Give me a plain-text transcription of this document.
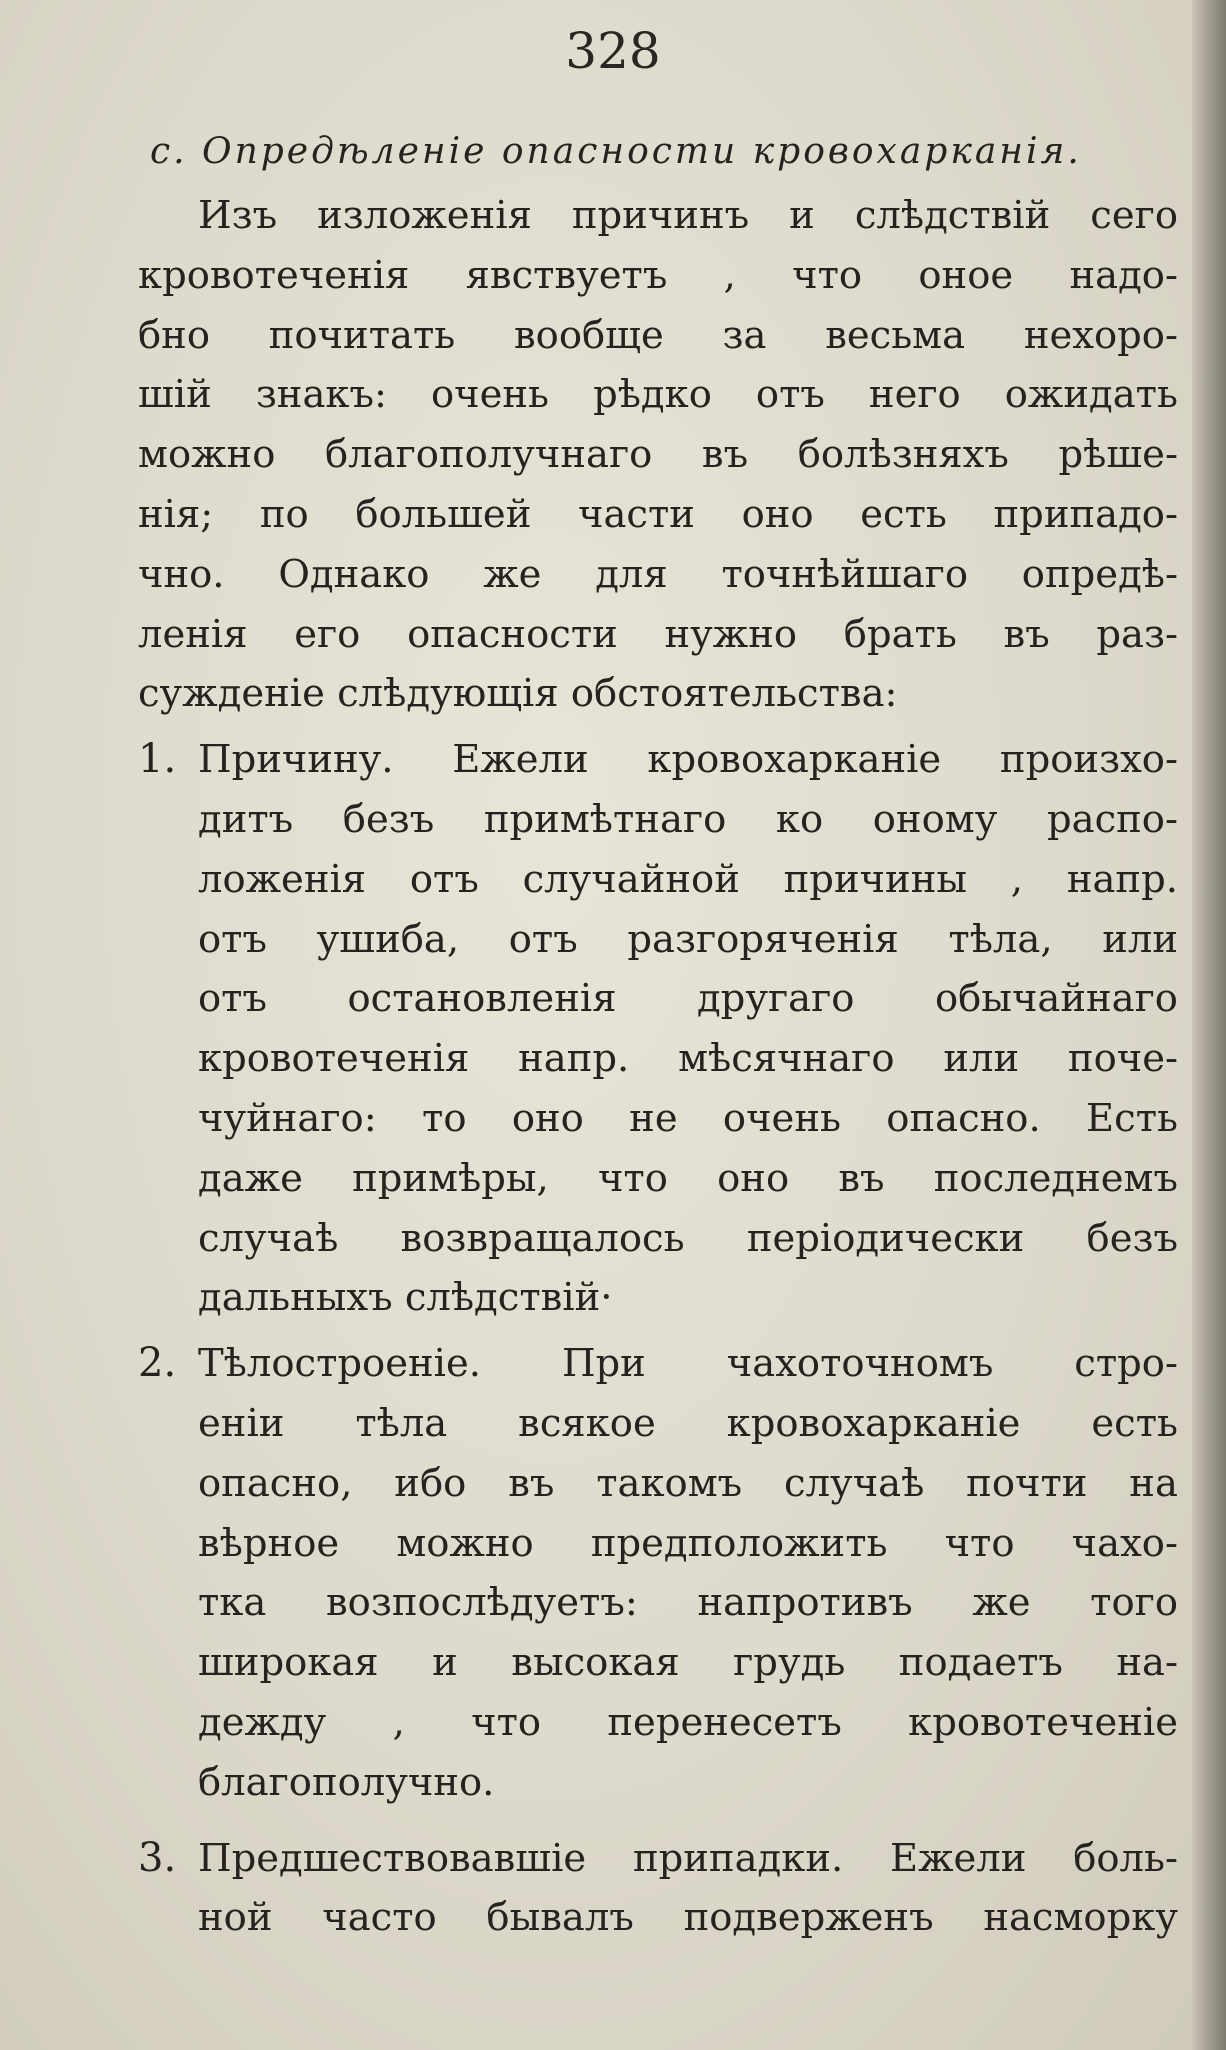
328
c. Опредѣленіе опасности кровохарканія.
Изъ изложенія причинъ и слѣдствій сего
кровотеченія явствуетъ , что оное надо-
бно почитать вообще за весьма нехоро-
шій знакъ: очень рѣдко отъ него ожидать
можно благополучнаго въ болѣзняхъ рѣше-
нія; по большей части оно есть припадо-
чно. Однако же для точнѣйшаго опредѣ-
ленія его опасности нужно брать въ раз-
сужденіе слѣдующія обстоятельства:
1. Причину. Ежели кровохарканіе произхо-
дитъ безъ примѣтнаго ко оному распо-
ложенія отъ случайной причины , напр.
отъ ушиба, отъ разгоряченія тѣла, или
отъ остановленія другаго обычайнаго
кровотеченія напр. мѣсячнаго или поче-
чуйнаго: то оно не очень опасно. Есть
даже примѣры, что оно въ последнемъ
случаѣ возвращалось періодически безъ
дальныхъ слѣдствій·
2. Тѣлостроеніе. При чахоточномъ стро-
еніи тѣла всякое кровохарканіе есть
опасно, ибо въ такомъ случаѣ почти на
вѣрное можно предположить что чахо-
тка возпослѣдуетъ: напротивъ же того
широкая и высокая грудь подаетъ на-
дежду , что перенесетъ кровотеченіе
благополучно.
3. Предшествовавшіе припадки. Ежели боль-
ной часто бывалъ подверженъ насморку
